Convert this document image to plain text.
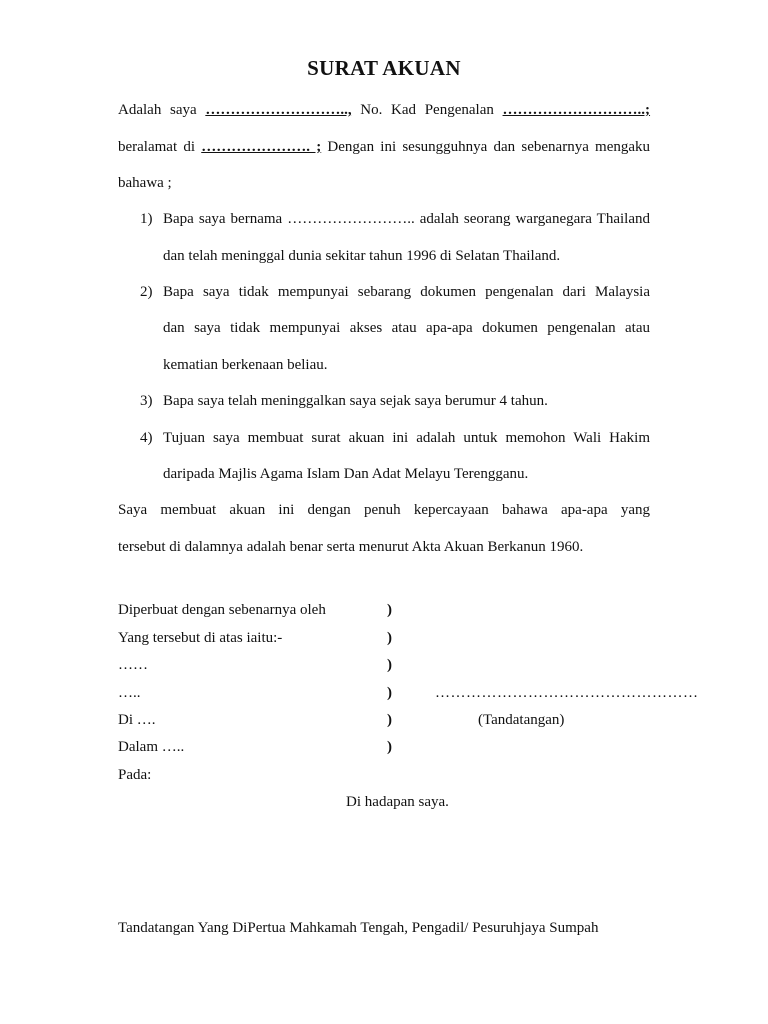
SURAT AKUAN
Adalah saya ……………………….., No. Kad Pengenalan ………………………..;
beralamat di …………………. ; Dengan ini sesungguhnya dan sebenarnya mengaku
bahawa ;
1) Bapa saya bernama …………………….. adalah seorang warganegara Thailand
dan telah meninggal dunia sekitar tahun 1996 di Selatan Thailand.
2) Bapa saya tidak mempunyai sebarang dokumen pengenalan dari Malaysia
dan saya tidak mempunyai akses atau apa-apa dokumen pengenalan atau
kematian berkenaan beliau.
3) Bapa saya telah meninggalkan saya sejak saya berumur 4 tahun.
4) Tujuan saya membuat surat akuan ini adalah untuk memohon Wali Hakim
daripada Majlis Agama Islam Dan Adat Melayu Terengganu.
Saya membuat akuan ini dengan penuh kepercayaan bahawa apa-apa yang
tersebut di dalamnya adalah benar serta menurut Akta Akuan Berkanun 1960.
Diperbuat dengan sebenarnya oleh
Yang tersebut di atas iaitu:-
……
…..
Di ….
Dalam …..
Pada:
)
)
)
)
)
)
……………………………………………
(Tandatangan)
Di hadapan saya.
Tandatangan Yang DiPertua Mahkamah Tengah, Pengadil/ Pesuruhjaya Sumpah
